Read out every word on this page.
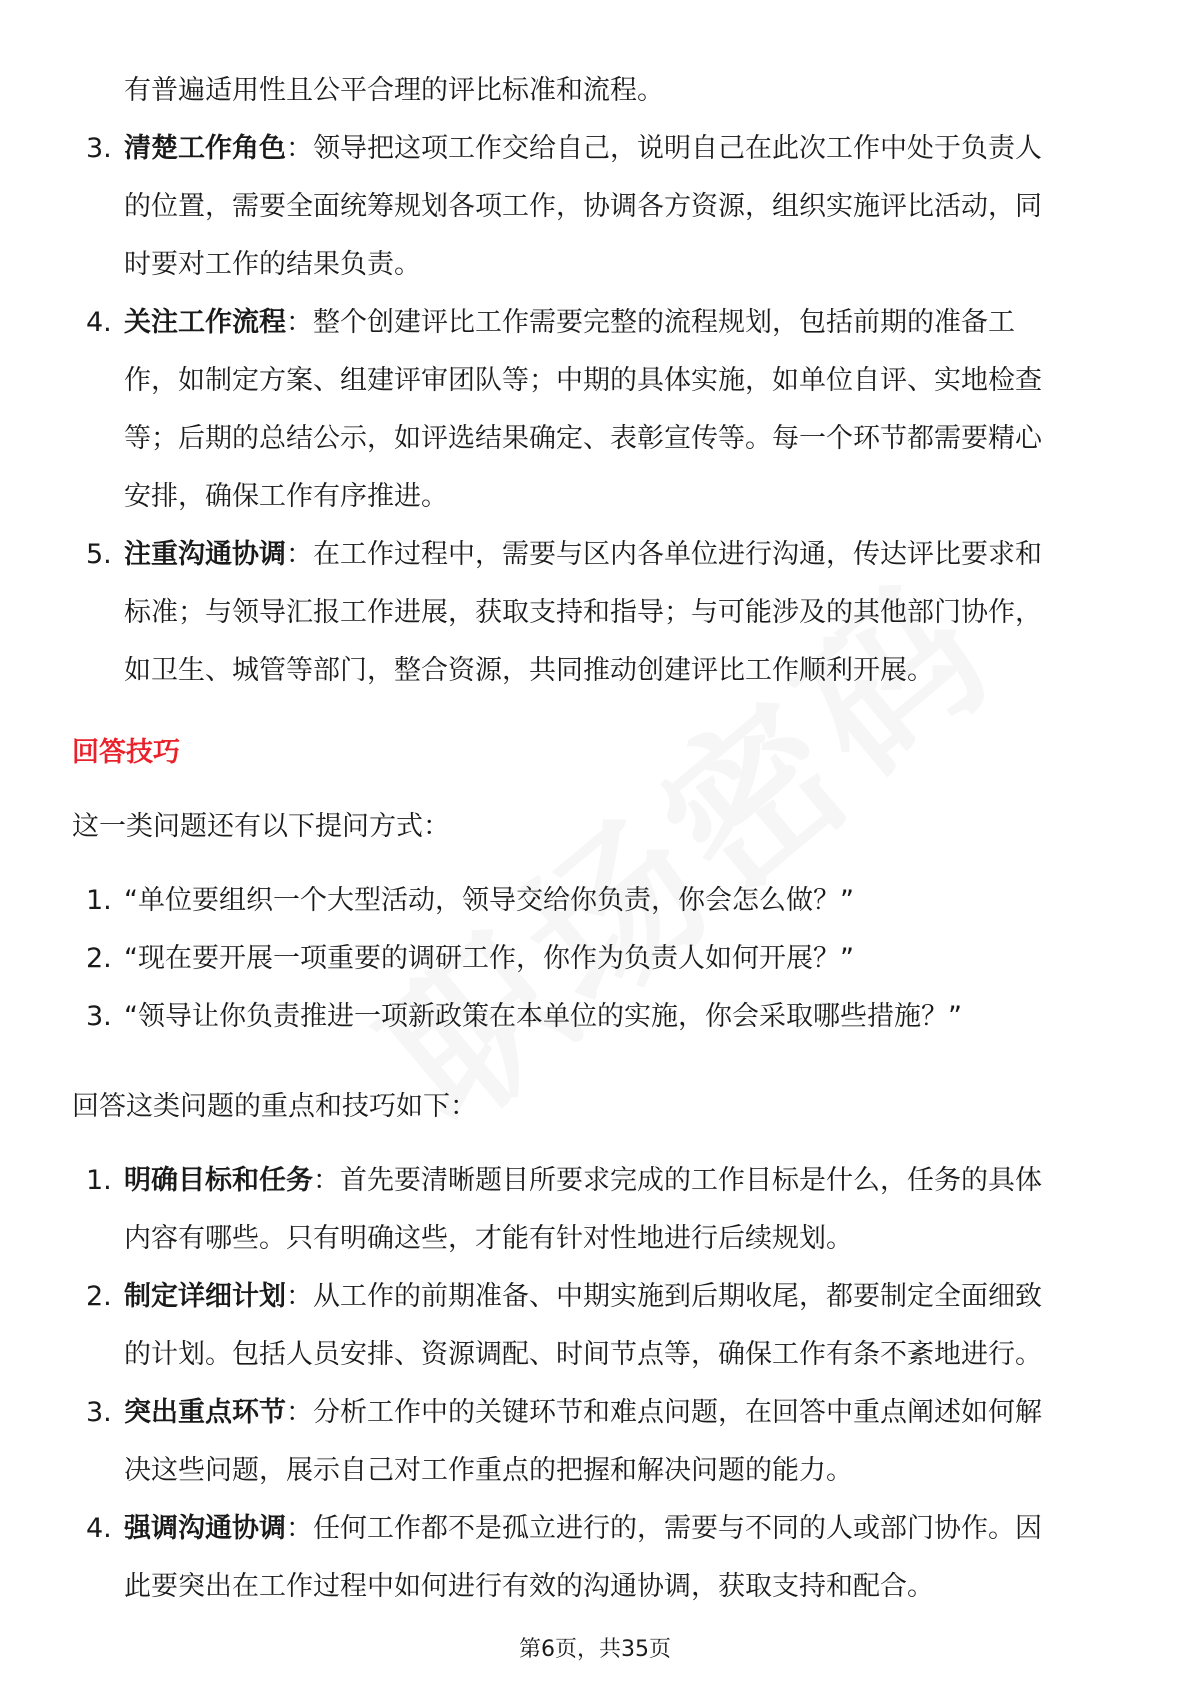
有普遍适用性且公平合理的评比标准和流程。
3. 清楚工作角色：领导把这项工作交给自己，说明自己在此次工作中处于负责人
的位置，需要全面统筹规划各项工作，协调各方资源，组织实施评比活动，同
时要对工作的结果负责。
4. 关注工作流程：整个创建评比工作需要完整的流程规划，包括前期的准备工
作，如制定方案、组建评审团队等；中期的具体实施，如单位自评、实地检查
等；后期的总结公示，如评选结果确定、表彰宣传等。每一个环节都需要精心
安排，确保工作有序推进。
5. 注重沟通协调：在工作过程中，需要与区内各单位进行沟通，传达评比要求和
标准；与领导汇报工作进展，获取支持和指导；与可能涉及的其他部门协作，
如卫生、城管等部门，整合资源，共同推动创建评比工作顺利开展。
回答技巧
这一类问题还有以下提问方式：
1. “单位要组织一个大型活动，领导交给你负责，你会怎么做？”
2. “现在要开展一项重要的调研工作，你作为负责人如何开展？”
3. “领导让你负责推进一项新政策在本单位的实施，你会采取哪些措施？”
回答这类问题的重点和技巧如下：
1. 明确目标和任务：首先要清晰题目所要求完成的工作目标是什么，任务的具体
内容有哪些。只有明确这些，才能有针对性地进行后续规划。
2. 制定详细计划：从工作的前期准备、中期实施到后期收尾，都要制定全面细致
的计划。包括人员安排、资源调配、时间节点等，确保工作有条不紊地进行。
3. 突出重点环节：分析工作中的关键环节和难点问题，在回答中重点阐述如何解
决这些问题，展示自己对工作重点的把握和解决问题的能力。
4. 强调沟通协调：任何工作都不是孤立进行的，需要与不同的人或部门协作。因
此要突出在工作过程中如何进行有效的沟通协调，获取支持和配合。
第6页，共35页
